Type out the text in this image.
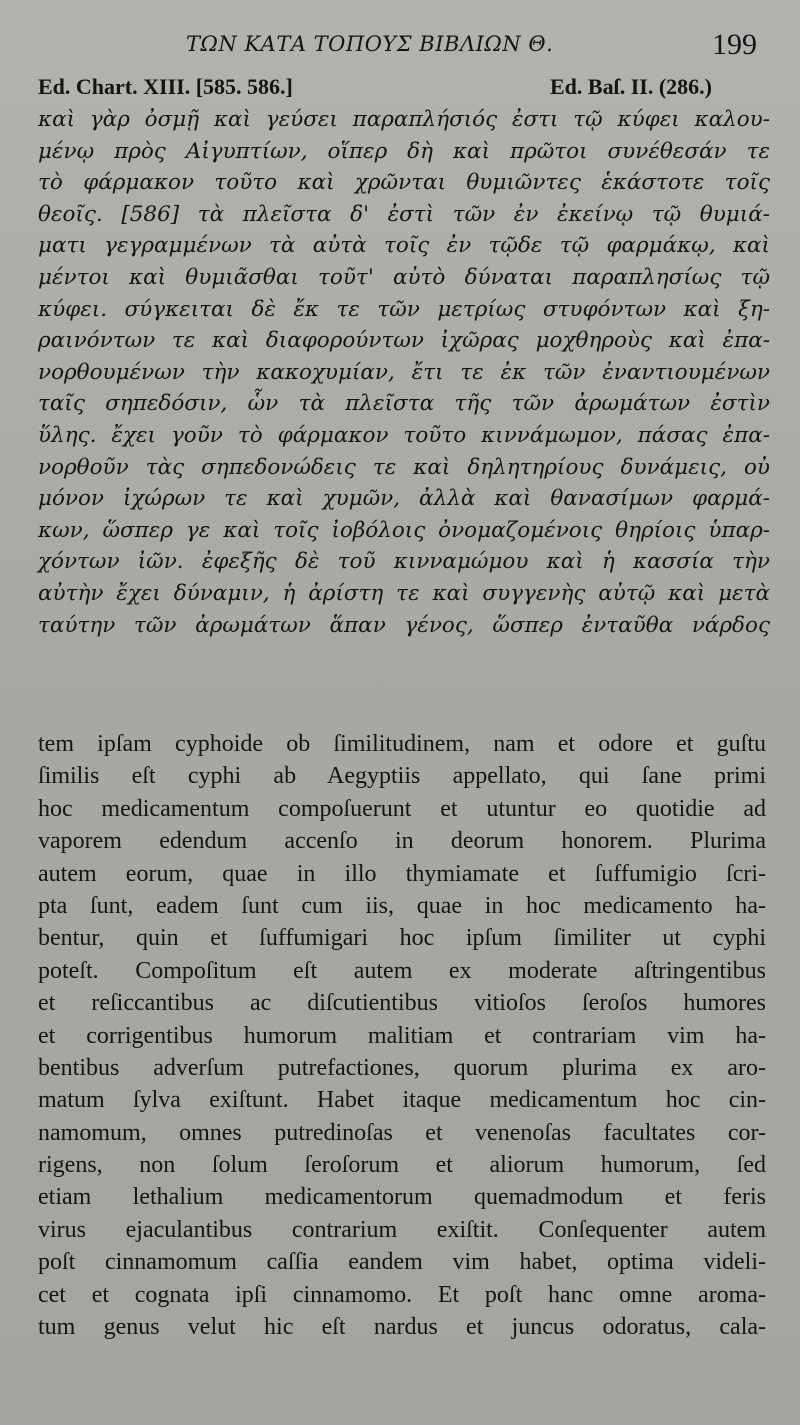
ΤΩΝ ΚΑΤΑ ΤΟΠΟΥΣ ΒΙΒΛΙΩΝ Θ.	199
Ed. Chart. XIII. [585. 586.]	Ed. Baſ. II. (286.)
καὶ γὰρ ὀσμῇ καὶ γεύσει παραπλήσιός ἐστι τῷ κύφει καλου-
μένῳ πρὸς Αἰγυπτίων, οἵπερ δὴ καὶ πρῶτοι συνέθεσάν τε
τὸ φάρμακον τοῦτο καὶ χρῶνται θυμιῶντες ἑκάστοτε τοῖς
θεοῖς. [586] τὰ πλεῖστα δ' ἐστὶ τῶν ἐν ἐκείνῳ τῷ θυμιά-
ματι γεγραμμένων τὰ αὐτὰ τοῖς ἐν τῷδε τῷ φαρμάκῳ, καὶ
μέντοι καὶ θυμιᾶσθαι τοῦτ' αὐτὸ δύναται παραπλησίως τῷ
κύφει. σύγκειται δὲ ἔκ τε τῶν μετρίως στυφόντων καὶ ξη-
ραινόντων τε καὶ διαφορούντων ἰχῶρας μοχθηροὺς καὶ ἐπα-
νορθουμένων τὴν κακοχυμίαν, ἔτι τε ἐκ τῶν ἐναντιουμένων
ταῖς σηπεδόσιν, ὧν τὰ πλεῖστα τῆς τῶν ἀρωμάτων ἐστὶν
ὕλης. ἔχει γοῦν τὸ φάρμακον τοῦτο κιννάμωμον, πάσας ἐπα-
νορθοῦν τὰς σηπεδονώδεις τε καὶ δηλητηρίους δυνάμεις, οὐ
μόνον ἰχώρων τε καὶ χυμῶν, ἀλλὰ καὶ θανασίμων φαρμά-
κων, ὥσπερ γε καὶ τοῖς ἰοβόλοις ὀνομαζομένοις θηρίοις ὑπαρ-
χόντων ἰῶν. ἐφεξῆς δὲ τοῦ κινναμώμου καὶ ἡ κασσία τὴν
αὐτὴν ἔχει δύναμιν, ἡ ἀρίστη τε καὶ συγγενὴς αὐτῷ καὶ μετὰ
ταύτην τῶν ἀρωμάτων ἅπαν γένος, ὥσπερ ἐνταῦθα νάρδος
tem ipſam cyphoide ob ſimilitudinem, nam et odore et guſtu
ſimilis eſt cyphi ab Aegyptiis appellato, qui ſane primi
hoc medicamentum compoſuerunt et utuntur eo quotidie ad
vaporem edendum accenſo in deorum honorem. Plurima
autem eorum, quae in illo thymiamate et ſuffumigio ſcri-
pta ſunt, eadem ſunt cum iis, quae in hoc medicamento ha-
bentur, quin et ſuffumigari hoc ipſum ſimiliter ut cyphi
poteſt. Compoſitum eſt autem ex moderate aſtringentibus
et reſiccantibus ac diſcutientibus vitioſos ſeroſos humores
et corrigentibus humorum malitiam et contrariam vim ha-
bentibus adverſum putrefactiones, quorum plurima ex aro-
matum ſylva exiſtunt. Habet itaque medicamentum hoc cin-
namomum, omnes putredinoſas et venenoſas facultates cor-
rigens, non ſolum ſeroſorum et aliorum humorum, ſed
etiam lethalium medicamentorum quemadmodum et feris
virus ejaculantibus contrarium exiſtit. Conſequenter autem
poſt cinnamomum caſſia eandem vim habet, optima videli-
cet et cognata ipſi cinnamomo. Et poſt hanc omne aroma-
tum genus velut hic eſt nardus et juncus odoratus, cala-
